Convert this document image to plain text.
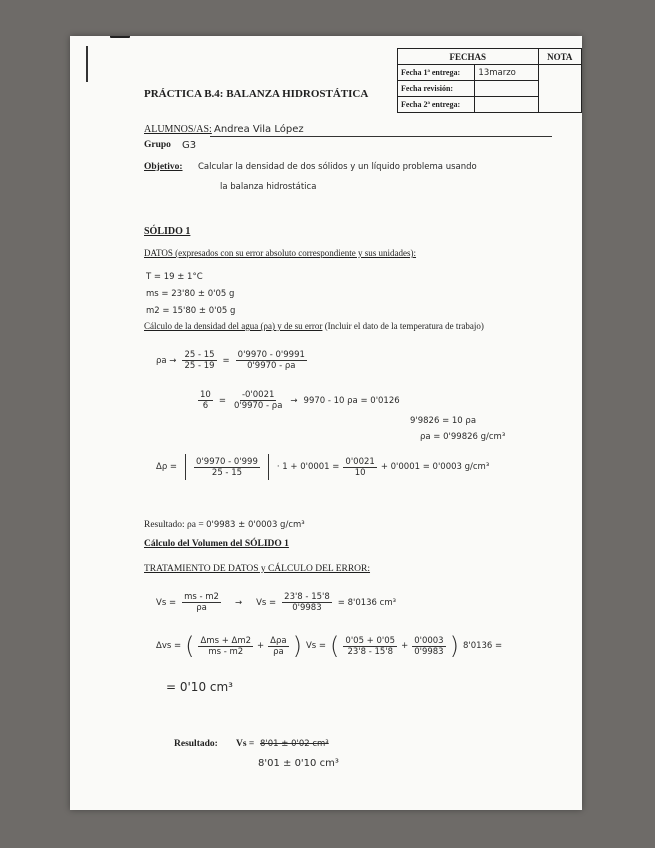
FECHAS		NOTA
Fecha 1ª entrega:	13marzo	
Fecha revisión:		
Fecha 2ª entrega:		
PRÁCTICA B.4: BALANZA HIDROSTÁTICA
ALUMNOS/AS: Andrea Vila López
Grupo G3
Objetivo: Calcular la densidad de dos sólidos y un líquido problema usando
la balanza hidrostática
SÓLIDO 1
DATOS (expresados con su error absoluto correspondiente y sus unidades):
T = 19 ± 1°C
ms = 23'80 ± 0'05 g
m2 = 15'80 ± 0'05 g
Cálculo de la densidad del agua (ρa) y de su error (Incluir el dato de la temperatura de trabajo)
$\rho a \to \frac{25 - 15}{25 - 19} = \frac{0'9970 - 0'9991}{0'9970 - \rho a}$
$\frac{10}{6} = \frac{-0'0021}{0'9970 - \rho a} \to 9970 - 10$ ρa = 0'0126
9'9826 = 10 ρa
ρa = 0'99826 g/cm³
$\Delta\rho = \frac{0'9970 - 0'999}{25 - 15} \cdot 1 + 0'0001 = \frac{0'0021}{10} + 0'0001 = 0'0003$ g/cm³
Resultado: ρa = 0'9983 ± 0'0003 g/cm³
Cálculo del Volumen del SÓLIDO 1
TRATAMIENTO DE DATOS y CÁLCULO DEL ERROR:
$Vs = \frac{ms - m2}{\rho a} \to Vs = \frac{23'8 - 15'8}{0'9983} = 8'0136$ cm³
Δvs = ( $\frac{\text{Δms + Δm2}}{ms - m2} + \frac{\text{Δρa}}{\rho a}$ ) Vs = ( $\frac{0'05 + 0'05}{23'8 - 15'8} + \frac{0'0003}{0'9983}$ ) 8'0136 =
= 0'10 cm³
Resultado: Vs = 8'01 ± 0'02 cm³
8'01 ± 0'10 cm³
